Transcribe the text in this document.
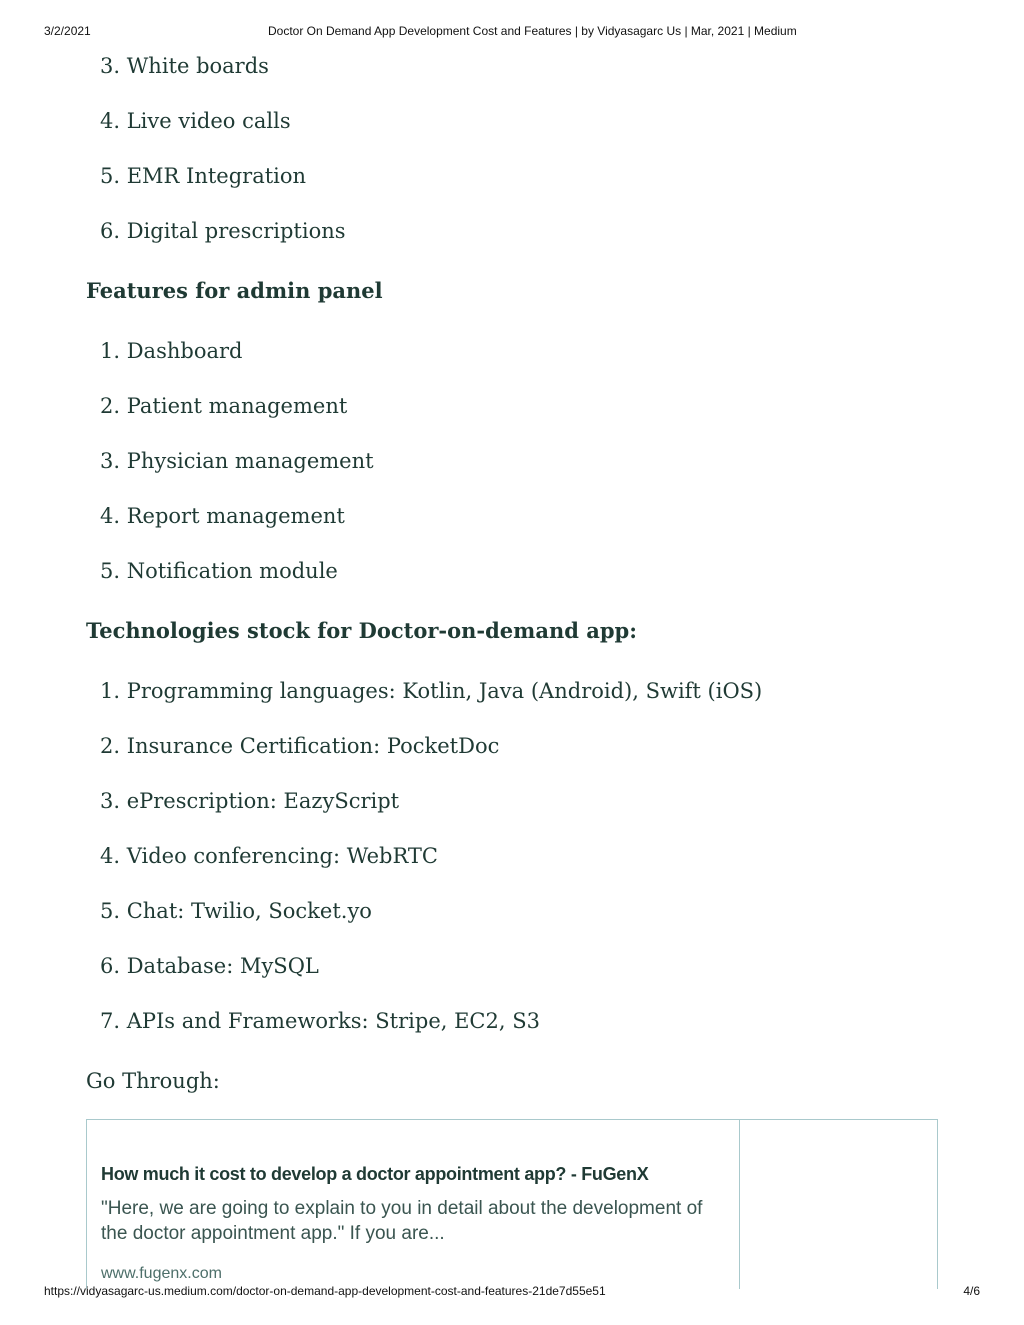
3/2/2021	Doctor On Demand App Development Cost and Features | by Vidyasagarc Us | Mar, 2021 | Medium
3. White boards
4. Live video calls
5. EMR Integration
6. Digital prescriptions
Features for admin panel
1. Dashboard
2. Patient management
3. Physician management
4. Report management
5. Notification module
Technologies stock for Doctor-on-demand app:
1. Programming languages: Kotlin, Java (Android), Swift (iOS)
2. Insurance Certification: PocketDoc
3. ePrescription: EazyScript
4. Video conferencing: WebRTC
5. Chat: Twilio, Socket.yo
6. Database: MySQL
7. APIs and Frameworks: Stripe, EC2, S3
Go Through:
How much it cost to develop a doctor appointment app? - FuGenX
"Here, we are going to explain to you in detail about the development of the doctor appointment app." If you are...
www.fugenx.com
https://vidyasagarc-us.medium.com/doctor-on-demand-app-development-cost-and-features-21de7d55e51	4/6
